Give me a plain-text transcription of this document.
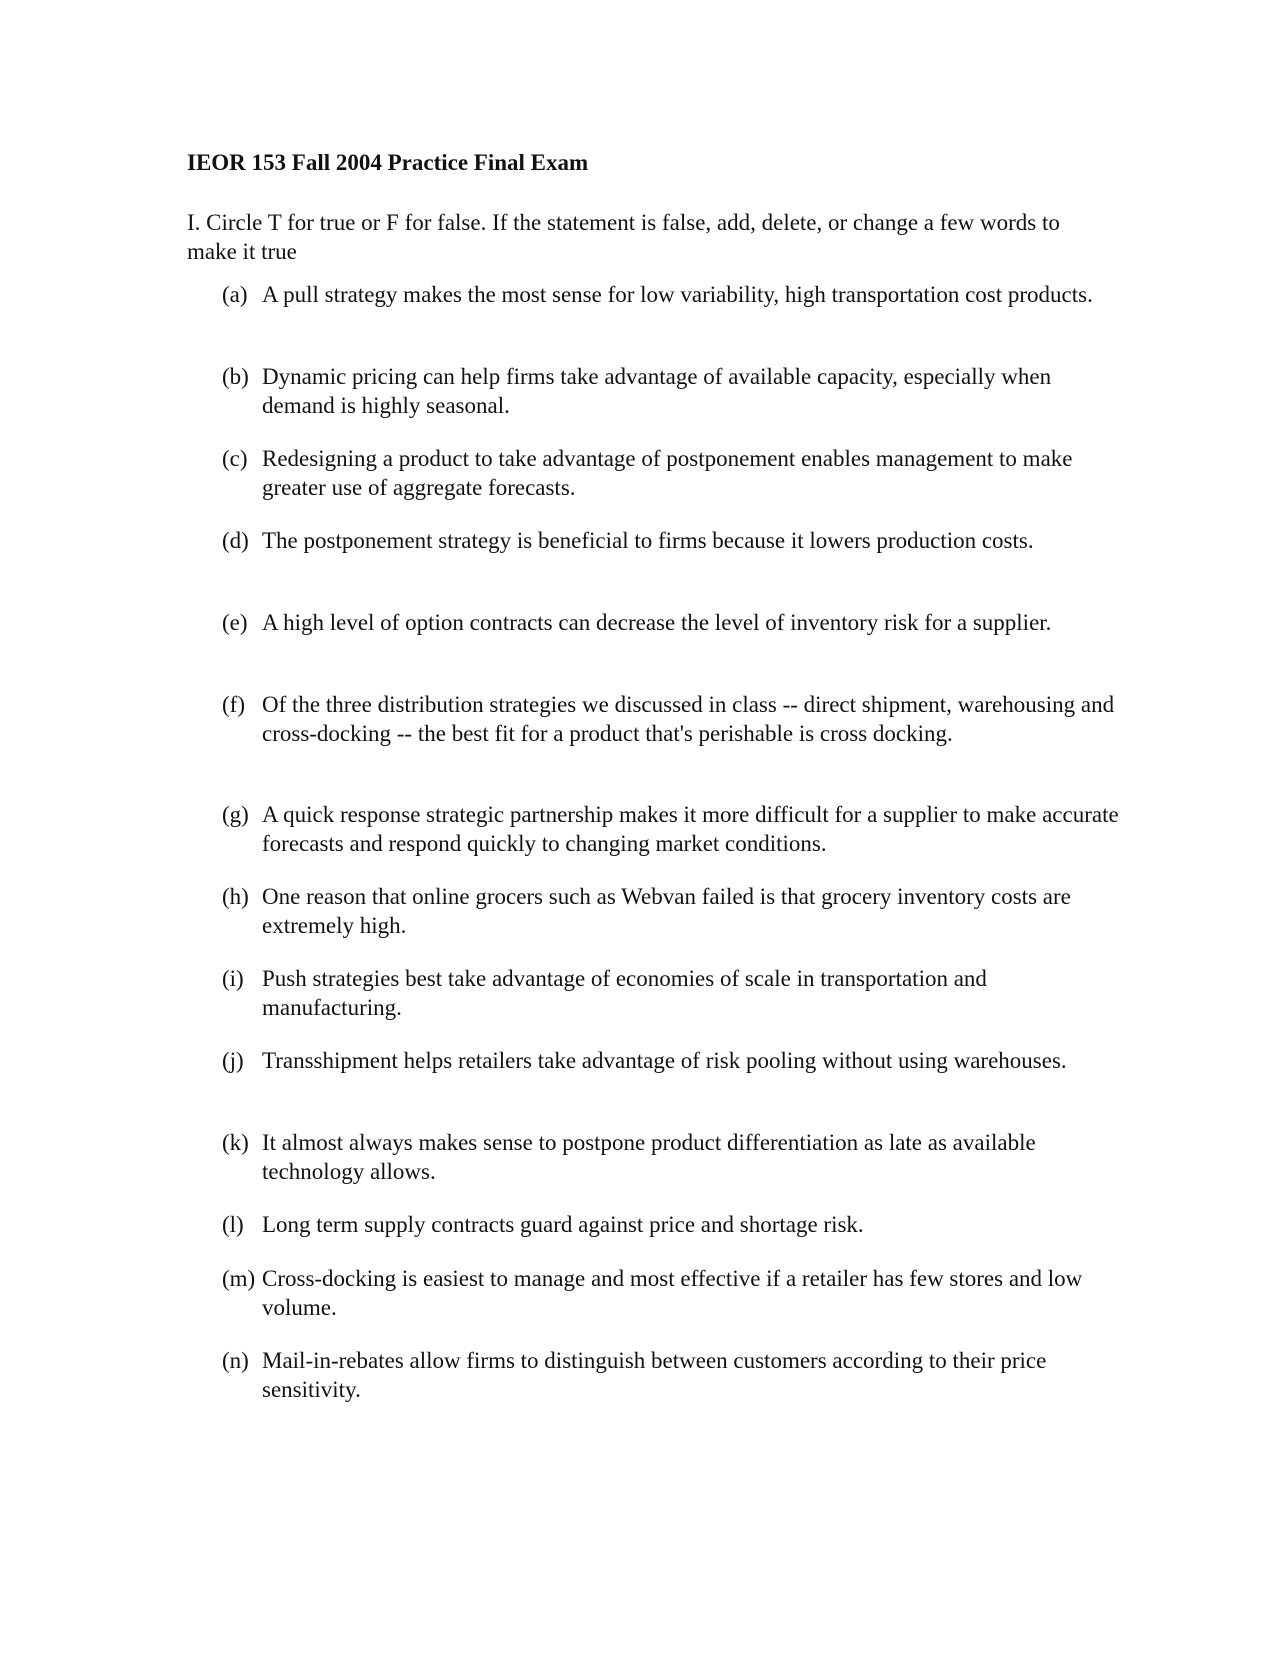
IEOR 153 Fall 2004 Practice Final Exam

I. Circle T for true or F for false. If the statement is false, add, delete, or change a few words to make it true

(a) A pull strategy makes the most sense for low variability, high transportation cost products.
(b) Dynamic pricing can help firms take advantage of available capacity, especially when demand is highly seasonal.
(c) Redesigning a product to take advantage of postponement enables management to make greater use of aggregate forecasts.
(d) The postponement strategy is beneficial to firms because it lowers production costs.
(e) A high level of option contracts can decrease the level of inventory risk for a supplier.
(f) Of the three distribution strategies we discussed in class -- direct shipment, warehousing and cross-docking -- the best fit for a product that's perishable is cross docking.
(g) A quick response strategic partnership makes it more difficult for a supplier to make accurate forecasts and respond quickly to changing market conditions.
(h) One reason that online grocers such as Webvan failed is that grocery inventory costs are extremely high.
(i) Push strategies best take advantage of economies of scale in transportation and manufacturing.
(j) Transshipment helps retailers take advantage of risk pooling without using warehouses.
(k) It almost always makes sense to postpone product differentiation as late as available technology allows.
(l) Long term supply contracts guard against price and shortage risk.
(m) Cross-docking is easiest to manage and most effective if a retailer has few stores and low volume.
(n) Mail-in-rebates allow firms to distinguish between customers according to their price sensitivity.
